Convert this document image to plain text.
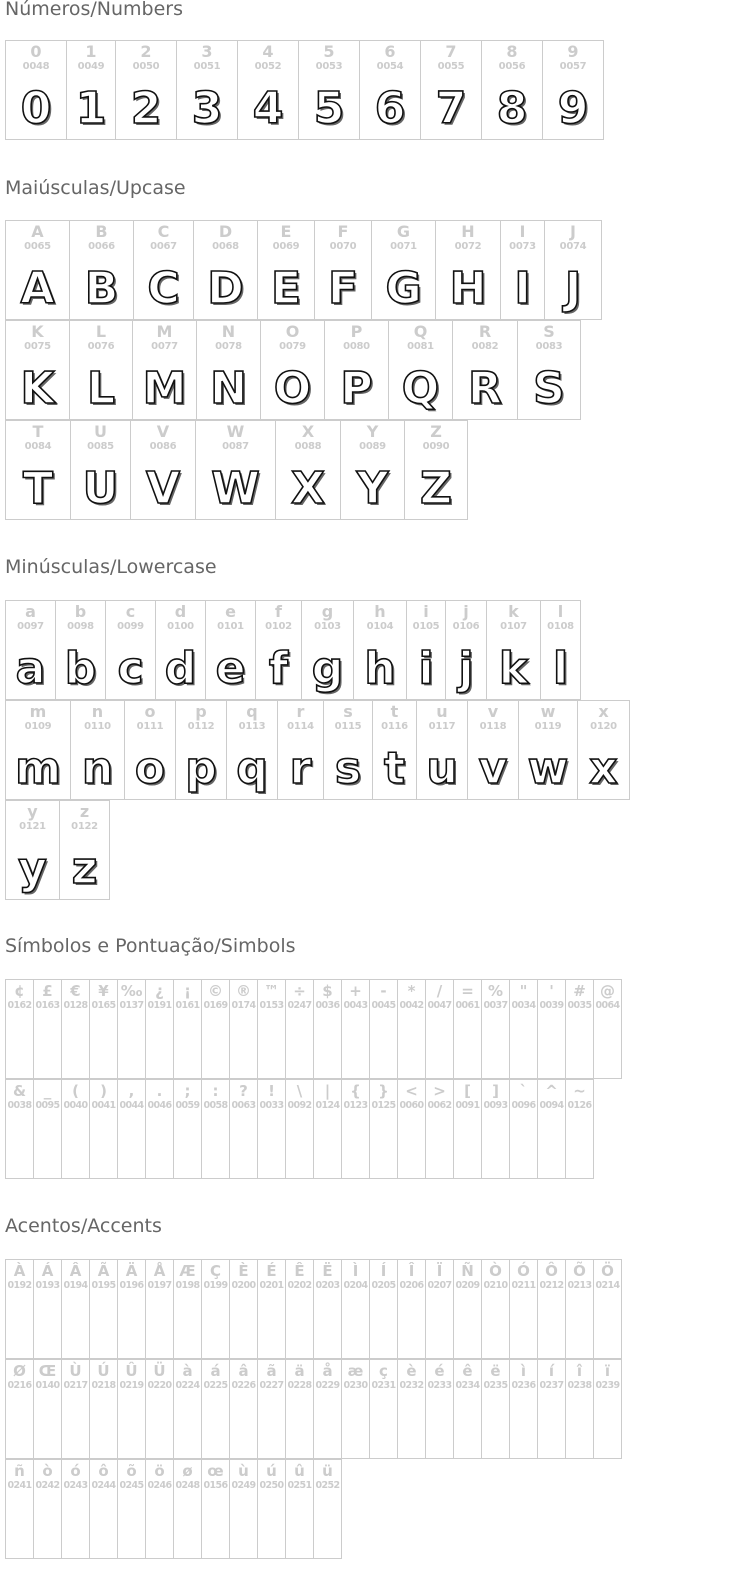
Números/Numbers
0
0048
0
1
0049
1
2
0050
2
3
0051
3
4
0052
4
5
0053
5
6
0054
6
7
0055
7
8
0056
8
9
0057
9
Maiúsculas/Upcase
A
0065
A
B
0066
B
C
0067
C
D
0068
D
E
0069
E
F
0070
F
G
0071
G
H
0072
H
I
0073
I
J
0074
J
K
0075
K
L
0076
L
M
0077
M
N
0078
N
O
0079
O
P
0080
P
Q
0081
Q
R
0082
R
S
0083
S
T
0084
T
U
0085
U
V
0086
V
W
0087
W
X
0088
X
Y
0089
Y
Z
0090
Z
Minúsculas/Lowercase
a
0097
a
b
0098
b
c
0099
c
d
0100
d
e
0101
e
f
0102
f
g
0103
g
h
0104
h
i
0105
i
j
0106
j
k
0107
k
l
0108
l
m
0109
m
n
0110
n
o
0111
o
p
0112
p
q
0113
q
r
0114
r
s
0115
s
t
0116
t
u
0117
u
v
0118
v
w
0119
w
x
0120
x
y
0121
y
z
0122
z
Símbolos e Pontuação/Simbols
¢
0162
£
0163
€
0128
¥
0165
‰
0137
¿
0191
¡
0161
©
0169
®
0174
™
0153
÷
0247
$
0036
+
0043
-
0045
*
0042
/
0047
=
0061
%
0037
"
0034
'
0039
#
0035
@
0064
&
0038
_
0095
(
0040
)
0041
,
0044
.
0046
;
0059
:
0058
?
0063
!
0033
\
0092
|
0124
{
0123
}
0125
<
0060
>
0062
[
0091
]
0093
`
0096
^
0094
~
0126
Acentos/Accents
À
0192
Á
0193
Â
0194
Ã
0195
Ä
0196
Å
0197
Æ
0198
Ç
0199
È
0200
É
0201
Ê
0202
Ë
0203
Ì
0204
Í
0205
Î
0206
Ï
0207
Ñ
0209
Ò
0210
Ó
0211
Ô
0212
Õ
0213
Ö
0214
Ø
0216
Œ
0140
Ù
0217
Ú
0218
Û
0219
Ü
0220
à
0224
á
0225
â
0226
ã
0227
ä
0228
å
0229
æ
0230
ç
0231
è
0232
é
0233
ê
0234
ë
0235
ì
0236
í
0237
î
0238
ï
0239
ñ
0241
ò
0242
ó
0243
ô
0244
õ
0245
ö
0246
ø
0248
œ
0156
ù
0249
ú
0250
û
0251
ü
0252
